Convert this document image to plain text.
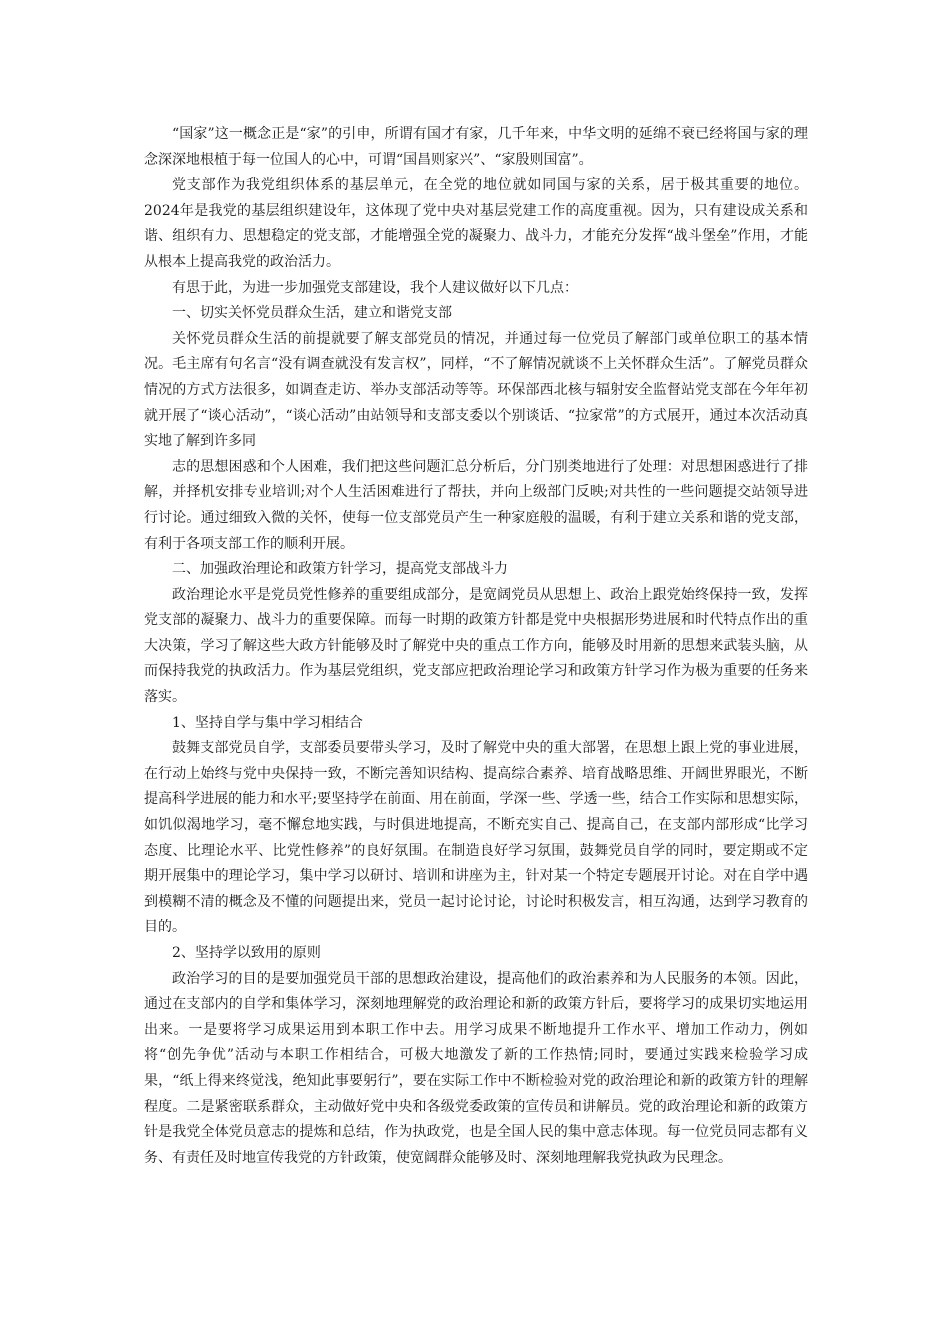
“国家”这一概念正是“家”的引申，所谓有国才有家，几千年来，中华文明的延绵不衰已经将国与家的理念深深地根植于每一位国人的心中，可谓“国昌则家兴”、“家殷则国富”。

党支部作为我党组织体系的基层单元，在全党的地位就如同国与家的关系，居于极其重要的地位。2024年是我党的基层组织建设年，这体现了党中央对基层党建工作的高度重视。因为，只有建设成关系和谐、组织有力、思想稳定的党支部，才能增强全党的凝聚力、战斗力，才能充分发挥“战斗堡垒”作用，才能从根本上提高我党的政治活力。

有思于此，为进一步加强党支部建设，我个人建议做好以下几点：

一、切实关怀党员群众生活，建立和谐党支部

关怀党员群众生活的前提就要了解支部党员的情况，并通过每一位党员了解部门或单位职工的基本情况。毛主席有句名言“没有调查就没有发言权”，同样，“不了解情况就谈不上关怀群众生活”。了解党员群众情况的方式方法很多，如调查走访、举办支部活动等等。环保部西北核与辐射安全监督站党支部在今年年初就开展了“谈心活动”，“谈心活动”由站领导和支部支委以个别谈话、“拉家常”的方式展开，通过本次活动真实地了解到许多同

志的思想困惑和个人困难，我们把这些问题汇总分析后，分门别类地进行了处理：对思想困惑进行了排解，并择机安排专业培训;对个人生活困难进行了帮扶，并向上级部门反映;对共性的一些问题提交站领导进行讨论。通过细致入微的关怀，使每一位支部党员产生一种家庭般的温暖，有利于建立关系和谐的党支部，有利于各项支部工作的顺利开展。

二、加强政治理论和政策方针学习，提高党支部战斗力

政治理论水平是党员党性修养的重要组成部分，是宽阔党员从思想上、政治上跟党始终保持一致，发挥党支部的凝聚力、战斗力的重要保障。而每一时期的政策方针都是党中央根据形势进展和时代特点作出的重大决策，学习了解这些大政方针能够及时了解党中央的重点工作方向，能够及时用新的思想来武装头脑，从而保持我党的执政活力。作为基层党组织，党支部应把政治理论学习和政策方针学习作为极为重要的任务来落实。

1、坚持自学与集中学习相结合

鼓舞支部党员自学，支部委员要带头学习，及时了解党中央的重大部署，在思想上跟上党的事业进展，在行动上始终与党中央保持一致，不断完善知识结构、提高综合素养、培育战略思维、开阔世界眼光，不断提高科学进展的能力和水平;要坚持学在前面、用在前面，学深一些、学透一些，结合工作实际和思想实际，如饥似渴地学习，毫不懈怠地实践，与时俱进地提高，不断充实自己、提高自己，在支部内部形成“比学习态度、比理论水平、比党性修养”的良好氛围。在制造良好学习氛围，鼓舞党员自学的同时，要定期或不定期开展集中的理论学习，集中学习以研讨、培训和讲座为主，针对某一个特定专题展开讨论。对在自学中遇到模糊不清的概念及不懂的问题提出来，党员一起讨论讨论，讨论时积极发言，相互沟通，达到学习教育的目的。

2、坚持学以致用的原则

政治学习的目的是要加强党员干部的思想政治建设，提高他们的政治素养和为人民服务的本领。因此，通过在支部内的自学和集体学习，深刻地理解党的政治理论和新的政策方针后，要将学习的成果切实地运用出来。一是要将学习成果运用到本职工作中去。用学习成果不断地提升工作水平、增加工作动力，例如将“创先争优”活动与本职工作相结合，可极大地激发了新的工作热情;同时，要通过实践来检验学习成果，“纸上得来终觉浅，绝知此事要躬行”，要在实际工作中不断检验对党的政治理论和新的政策方针的理解程度。二是紧密联系群众，主动做好党中央和各级党委政策的宣传员和讲解员。党的政治理论和新的政策方针是我党全体党员意志的提炼和总结，作为执政党，也是全国人民的集中意志体现。每一位党员同志都有义务、有责任及时地宣传我党的方针政策，使宽阔群众能够及时、深刻地理解我党执政为民理念。
